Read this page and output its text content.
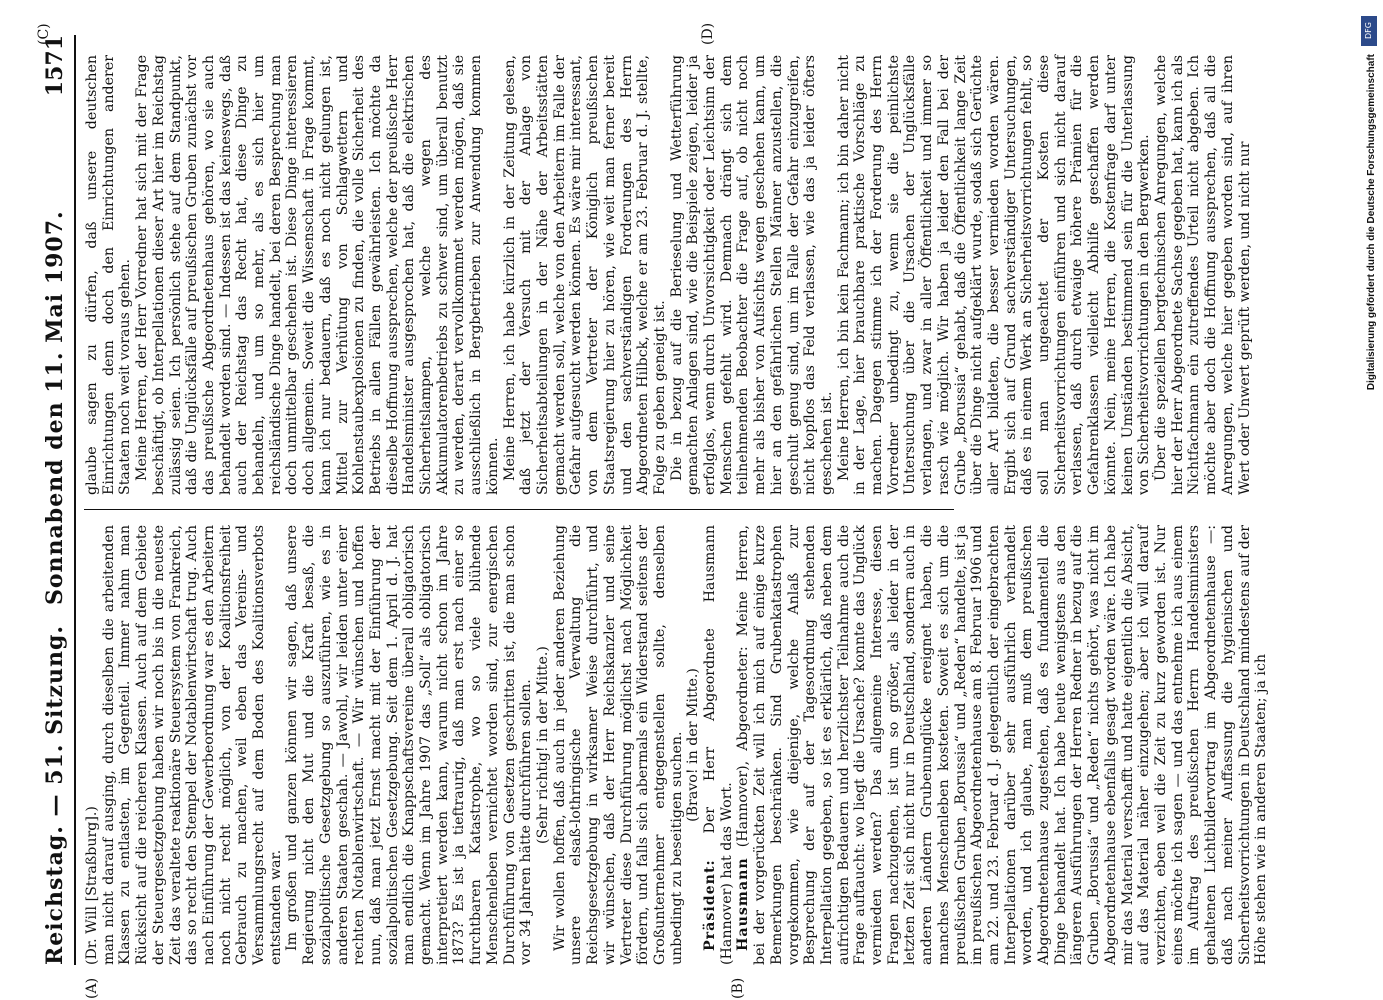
Reichstag. — 51. Sitzung.
Sonnabend den 11. Mai 1907.
1571
(A)	(B)
(C)	(D)

(Dr. Will [Straßburg].) man nicht darauf ausging, durch dieselben die arbeitenden Klassen zu entlasten, im Gegenteil. Immer nahm man Rücksicht auf die reicheren Klassen. Auch auf dem Gebiete der Steuergesetzgebung haben wir noch bis in die neueste Zeit das veraltete reaktionäre Steuersystem von Frankreich, das so recht den Stempel der Notablenwirtschaft trug. Auch nach Einführung der Gewerbeordnung war es den Arbeitern noch nicht recht möglich, von der Koalitionsfreiheit Gebrauch zu machen, weil eben das Vereins- und Versammlungsrecht auf dem Boden des Koalitionsverbots entstanden war. Im großen und ganzen können wir sagen, daß unsere Regierung nicht den Mut und die Kraft besaß, die sozialpolitische Gesetzgebung so auszuführen, wie es in anderen Staaten geschah. — Jawohl, wir leiden unter einer rechten Notablenwirtschaft. — Wir wünschen und hoffen nun, daß man jetzt Ernst macht mit der Einführung der sozialpolitischen Gesetzgebung. Seit dem 1. April d. J. hat man endlich die Knappschaftsvereine überall obligatorisch gemacht. Wenn im Jahre 1907 das „Soll“ als obligatorisch interpretiert werden kann, warum nicht schon im Jahre 1873? Es ist ja tieftraurig, daß man erst nach einer so furchtbaren Katastrophe, wo so viele blühende Menschenleben vernichtet worden sind, zur energischen Durchführung von Gesetzen geschritten ist, die man schon vor 34 Jahren hätte durchführen sollen. (Sehr richtig! in der Mitte.) Wir wollen hoffen, daß auch in jeder anderen Beziehung unsere elsaß-lothringische Verwaltung die Reichsgesetzgebung in wirksamer Weise durchführt, und wir wünschen, daß der Herr Reichskanzler und seine Vertreter diese Durchführung möglichst nach Möglichkeit fördern, und falls sich abermals ein Widerstand seitens der Großunternehmer entgegenstellen sollte, denselben unbedingt zu beseitigen suchen. (Bravo! in der Mitte.)

Präsident: Der Herr Abgeordnete Hausmann (Hannover) hat das Wort. Hausmann (Hannover), Abgeordneter: Meine Herren, bei der vorgerückten Zeit will ich mich auf einige kurze Bemerkungen beschränken. Sind Grubenkatastrophen vorgekommen, wie diejenige, welche Anlaß zur Besprechung der auf der Tagesordnung stehenden Interpellation gegeben, so ist es erklärlich, daß neben dem aufrichtigen Bedauern und herzlichster Teilnahme auch die Frage auftaucht: wo liegt die Ursache? konnte das Unglück vermieden werden? Das allgemeine Interesse, diesen Fragen nachzugehen, ist um so größer, als leider in der letzten Zeit sich nicht nur in Deutschland, sondern auch in anderen Ländern Grubenunglücke ereignet haben, die manches Menschenleben kosteten. Soweit es sich um die preußischen Gruben „Borussia“ und „Reden“ handelte, ist ja im preußischen Abgeordnetenhause am 8. Februar 1906 und am 22. und 23. Februar d. J. gelegentlich der eingebrachten Interpellationen darüber sehr ausführlich verhandelt worden, und ich glaube, man muß dem preußischen Abgeordnetenhause zugestehen, daß es fundamentell die Dinge behandelt hat. Ich habe heute wenigstens aus den längeren Ausführungen der Herren Redner in bezug auf die Gruben „Borussia“ und „Reden“ nichts gehört, was nicht im Abgeordnetenhause ebenfalls gesagt worden wäre. Ich habe mir das Material verschafft und hatte eigentlich die Absicht, auf das Material näher einzugehen; aber ich will darauf verzichten, eben weil die Zeit zu kurz geworden ist. Nur eines möchte ich sagen — und das entnehme ich aus einem im Auftrag des preußischen Herrn Handelsministers gehaltenen Lichtbildervortrag im Abgeordnetenhause —: daß nach meiner Auffassung die hygienischen und Sicherheitsvorrichtungen in Deutschland mindestens auf der Höhe stehen wie in anderen Staaten; ja ich

glaube sagen zu dürfen, daß unsere deutschen Einrichtungen denn doch den Einrichtungen anderer Staaten noch weit voraus gehen. Meine Herren, der Herr Vorredner hat sich mit der Frage beschäftigt, ob Interpellationen dieser Art hier im Reichstag zulässig seien. Ich persönlich stehe auf dem Standpunkt, daß die Unglücksfälle auf preußischen Gruben zunächst vor das preußische Abgeordnetenhaus gehören, wo sie auch behandelt worden sind. — Indessen ist das keineswegs, daß auch der Reichstag das Recht hat, diese Dinge zu behandeln, und um so mehr, als es sich hier um reichsländische Dinge handelt, bei deren Besprechung man doch unmittelbar geschehen ist. Diese Dinge interessieren doch allgemein. Soweit die Wissenschaft in Frage kommt, kann ich nur bedauern, daß es noch nicht gelungen ist, Mittel zur Verhütung von Schlagwettern und Kohlenstaubexplosionen zu finden, die volle Sicherheit des Betriebs in allen Fällen gewährleisten. Ich möchte da dieselbe Hoffnung aussprechen, welche der preußische Herr Handelsminister ausgesprochen hat, daß die elektrischen Sicherheitslampen, welche wegen des Akkumulatorenbetriebs zu schwer sind, um überall benutzt zu werden, derart vervollkommnet werden mögen, daß sie ausschließlich in Bergbetrieben zur Anwendung kommen können. Meine Herren, ich habe kürzlich in der Zeitung gelesen, daß jetzt der Versuch mit der Anlage von Sicherheitsabteilungen in der Nähe der Arbeitsstätten gemacht werden soll, welche von den Arbeitern im Falle der Gefahr aufgesucht werden können. Es wäre mir interessant, von dem Vertreter der Königlich preußischen Staatsregierung hier zu hören, wie weit man ferner bereit und den sachverständigen Forderungen des Herrn Abgeordneten Hilbck, welche er am 23. Februar d. J. stellte, Folge zu geben geneigt ist. Die in bezug auf die Berieselung und Wetterführung gemachten Anlagen sind, wie die Beispiele zeigen, leider ja erfolglos, wenn durch Unvorsichtigkeit oder Leichtsinn der Menschen gefehlt wird. Demnach drängt sich dem teilnehmenden Beobachter die Frage auf, ob nicht noch mehr als bisher von Aufsichts wegen geschehen kann, um hier an den gefährlichen Stellen Männer anzustellen, die geschult genug sind, um im Falle der Gefahr einzugreifen, nicht kopflos das Feld verlassen, wie das ja leider öfters geschehen ist. Meine Herren, ich bin kein Fachmann; ich bin daher nicht in der Lage, hier brauchbare praktische Vorschläge zu machen. Dagegen stimme ich der Forderung des Herrn Vorredner unbedingt zu, wenn sie die peinlichste Untersuchung über die Ursachen der Unglücksfälle verlangen, und zwar in aller Öffentlichkeit und immer so rasch wie möglich. Wir haben ja leider den Fall bei der Grube „Borussia“ gehabt, daß die Öffentlichkeit lange Zeit über die Dinge nicht aufgeklärt wurde, sodaß sich Gerüchte aller Art bildeten, die besser vermieden worden wären. Ergibt sich auf Grund sachverständiger Untersuchungen, daß es in einem Werk an Sicherheitsvorrichtungen fehlt, so soll man ungeachtet der Kosten diese Sicherheitsvorrichtungen einführen und sich nicht darauf verlassen, daß durch etwaige höhere Prämien für die Gefahrenklassen vielleicht Abhilfe geschaffen werden könnte. Nein, meine Herren, die Kostenfrage darf unter keinen Umständen bestimmend sein für die Unterlassung von Sicherheitsvorrichtungen in den Bergwerken. Über die speziellen bergtechnischen Anregungen, welche hier der Herr Abgeordnete Sachse gegeben hat, kann ich als Nichtfachmann ein zutreffendes Urteil nicht abgeben. Ich möchte aber doch die Hoffnung aussprechen, daß all die Anregungen, welche hier gegeben worden sind, auf ihren Wert oder Unwert geprüft werden, und nicht nur

DFG
Digitalisierung gefördert durch die Deutsche Forschungsgemeinschaft
